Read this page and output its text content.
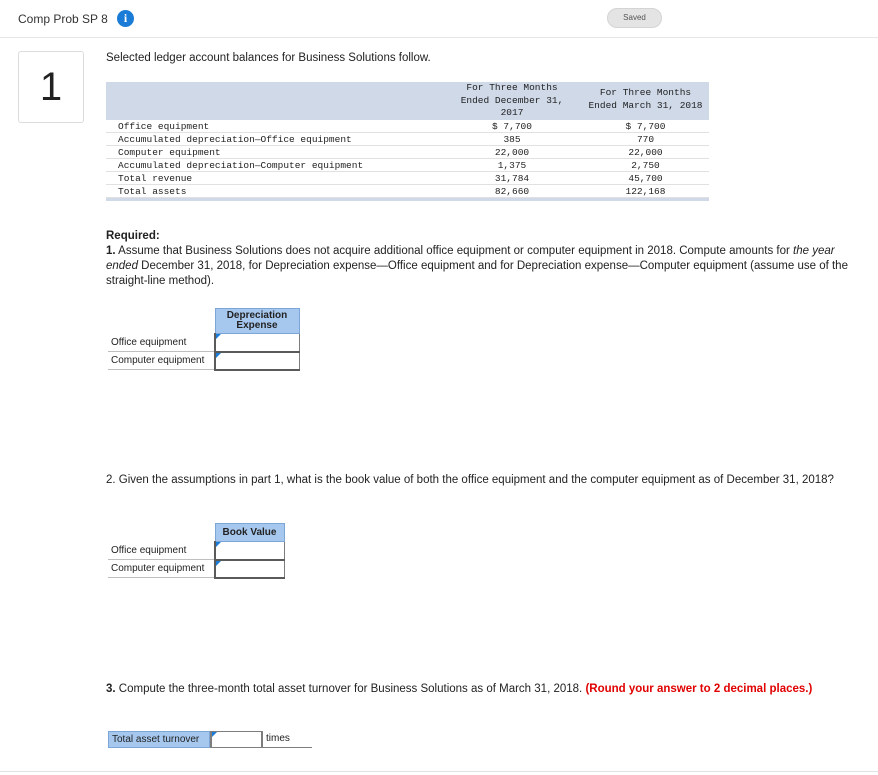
Comp Prob SP 8	i	Saved
1
Selected ledger account balances for Business Solutions follow.
For Three Months
Ended December 31,
2017
For Three Months
Ended March 31, 2018
Office equipment	$ 7,700	$ 7,700
Accumulated depreciation—Office equipment	385	770
Computer equipment	22,000	22,000
Accumulated depreciation—Computer equipment	1,375	2,750
Total revenue	31,784	45,700
Total assets	82,660	122,168
Required:
1. Assume that Business Solutions does not acquire additional office equipment or computer equipment in 2018. Compute amounts for the year ended December 31, 2018, for Depreciation expense—Office equipment and for Depreciation expense—Computer equipment (assume use of the straight-line method).
	Depreciation Expense
Office equipment	

Computer equipment	
2. Given the assumptions in part 1, what is the book value of both the office equipment and the computer equipment as of December 31, 2018?
	Book Value
Office equipment	

Computer equipment	
3. Compute the three-month total asset turnover for Business Solutions as of March 31, 2018. (Round your answer to 2 decimal places.)
Total asset turnover	times
